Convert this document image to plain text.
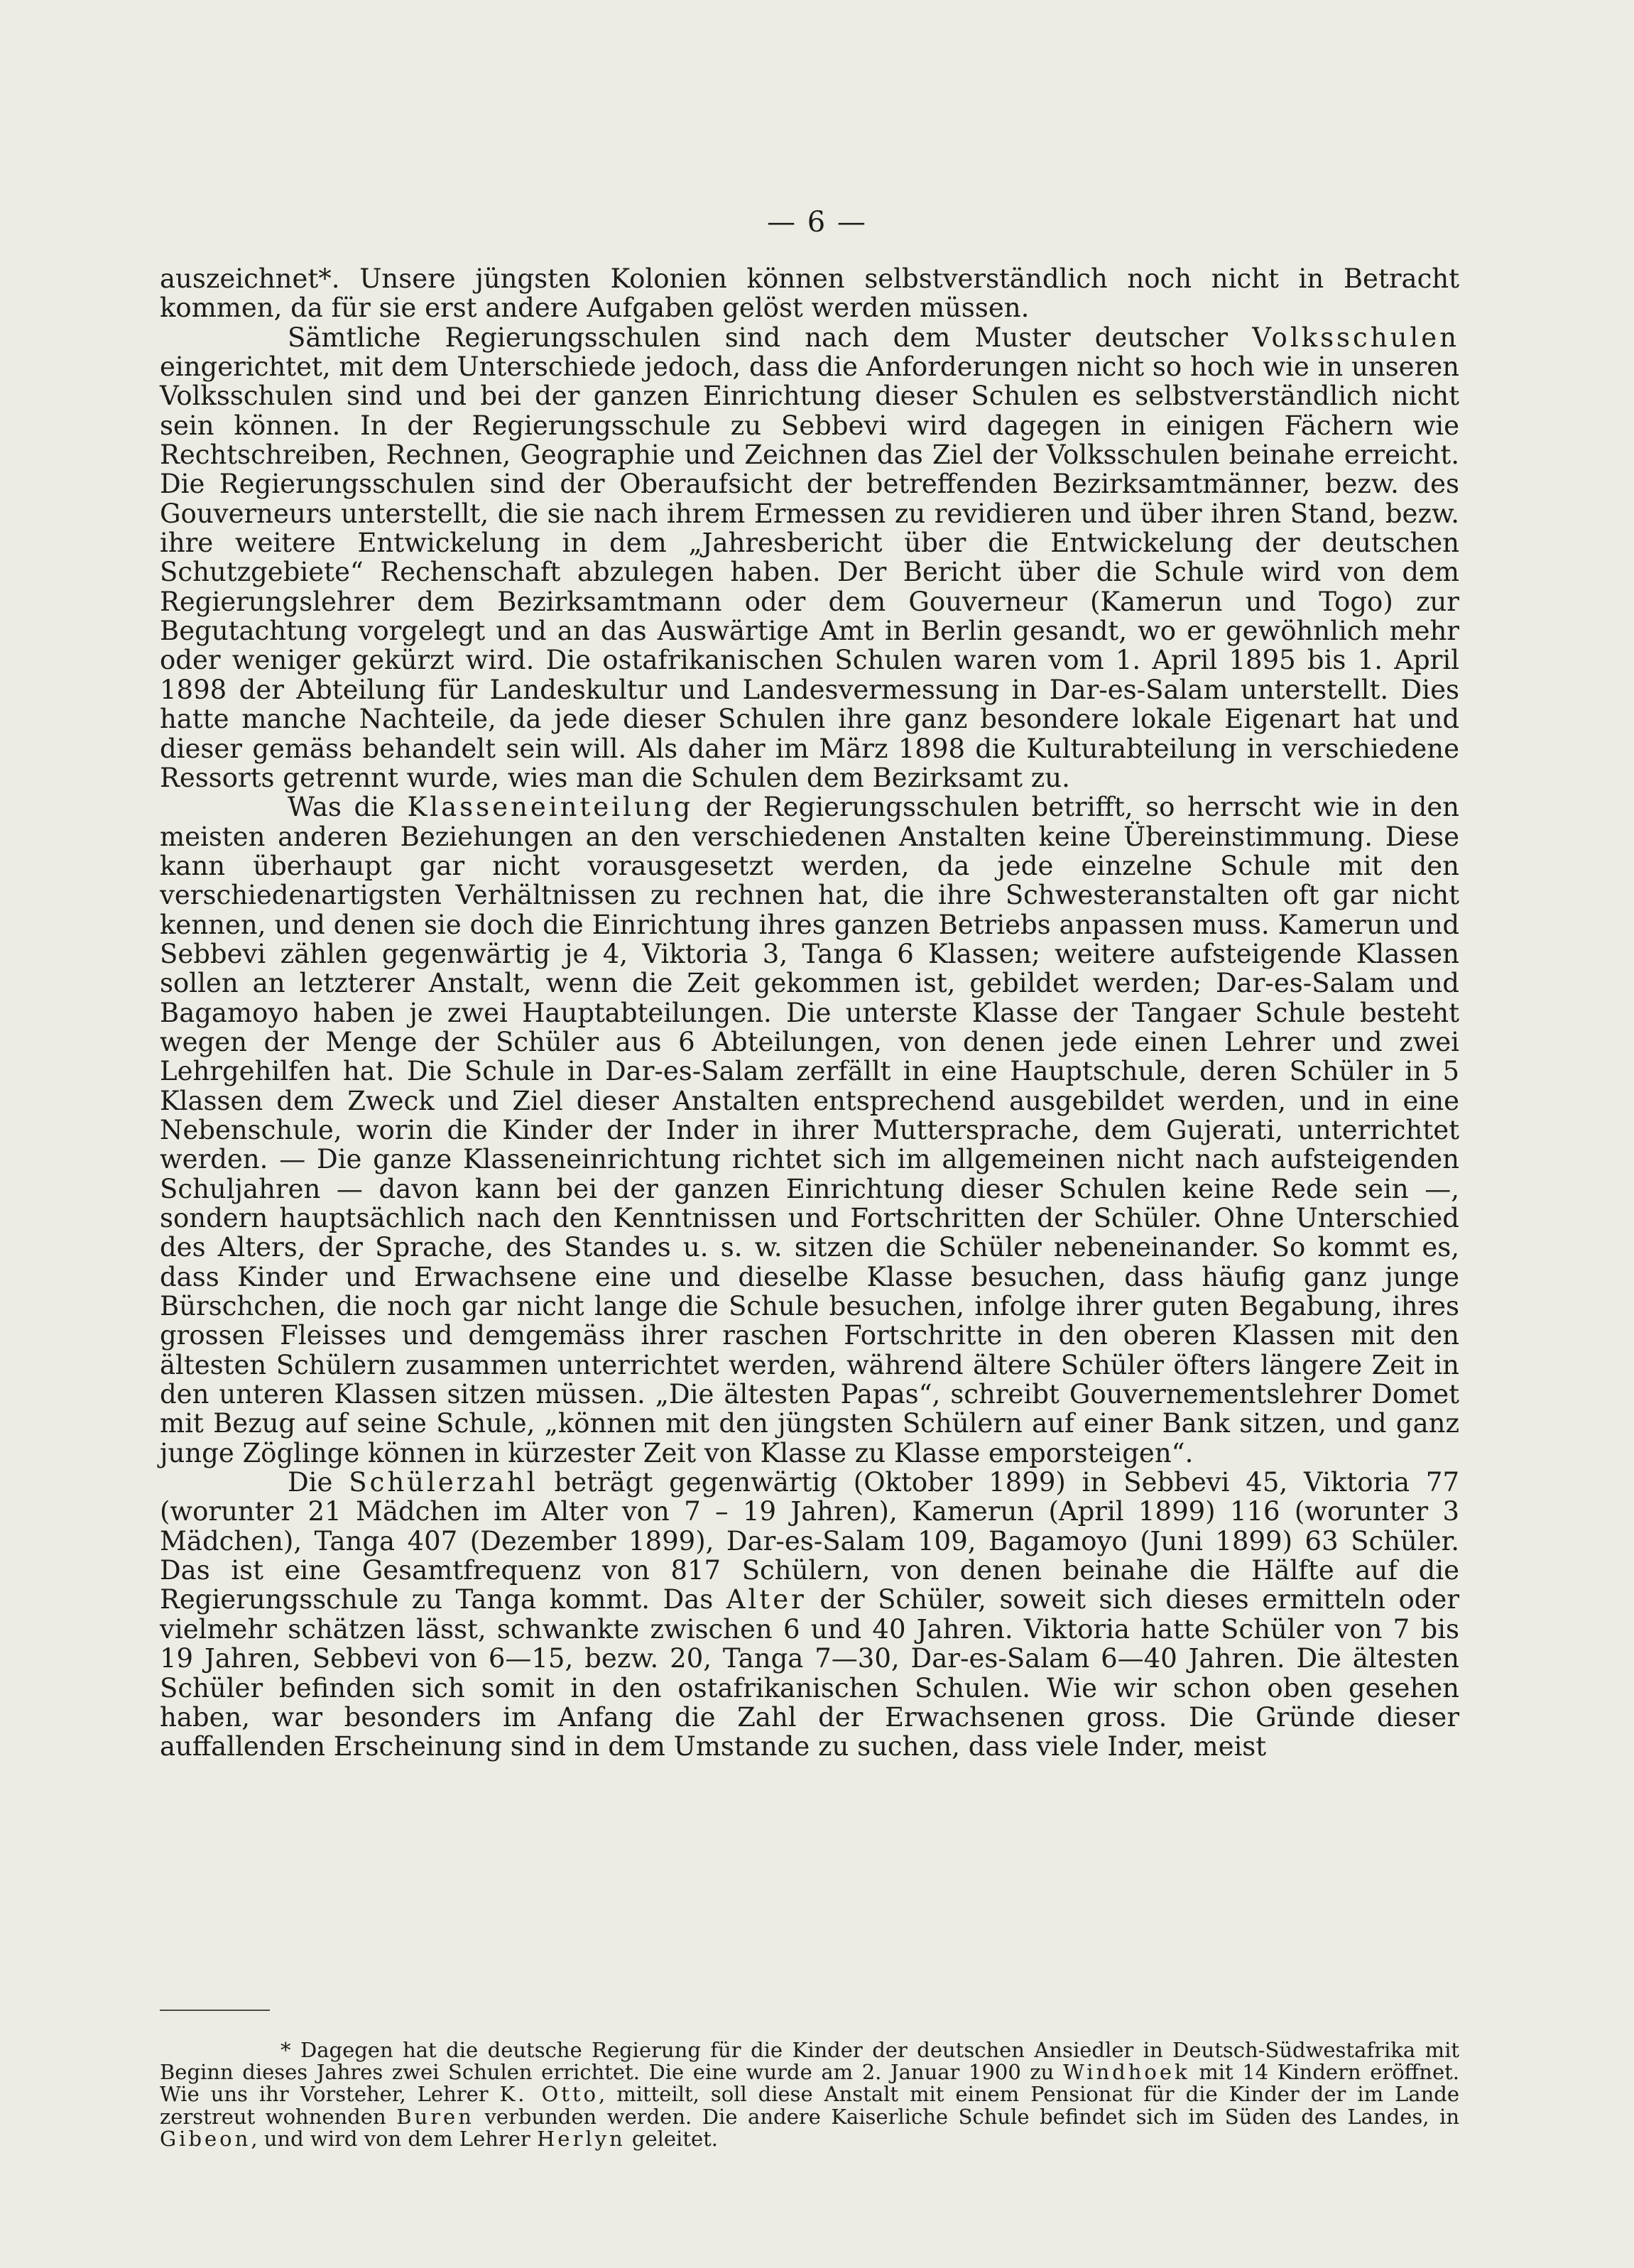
— 6 —

auszeichnet*. Unsere jüngsten Kolonien können selbstverständlich noch nicht in Betracht kommen, da für sie erst andere Aufgaben gelöst werden müssen.

Sämtliche Regierungsschulen sind nach dem Muster deutscher Volksschulen eingerichtet, mit dem Unterschiede jedoch, dass die Anforderungen nicht so hoch wie in unseren Volksschulen sind und bei der ganzen Einrichtung dieser Schulen es selbstverständlich nicht sein können. In der Regierungsschule zu Sebbevi wird dagegen in einigen Fächern wie Rechtschreiben, Rechnen, Geographie und Zeichnen das Ziel der Volksschulen beinahe erreicht. Die Regierungsschulen sind der Oberaufsicht der betreffenden Bezirksamtmänner, bezw. des Gouverneurs unterstellt, die sie nach ihrem Ermessen zu revidieren und über ihren Stand, bezw. ihre weitere Entwickelung in dem „Jahresbericht über die Entwickelung der deutschen Schutzgebiete“ Rechenschaft abzulegen haben. Der Bericht über die Schule wird von dem Regierungslehrer dem Bezirksamtmann oder dem Gouverneur (Kamerun und Togo) zur Begutachtung vorgelegt und an das Auswärtige Amt in Berlin gesandt, wo er gewöhnlich mehr oder weniger gekürzt wird. Die ostafrikanischen Schulen waren vom 1. April 1895 bis 1. April 1898 der Abteilung für Landeskultur und Landesvermessung in Dar-es-Salam unterstellt. Dies hatte manche Nachteile, da jede dieser Schulen ihre ganz besondere lokale Eigenart hat und dieser gemäss behandelt sein will. Als daher im März 1898 die Kulturabteilung in verschiedene Ressorts getrennt wurde, wies man die Schulen dem Bezirksamt zu.

Was die Klasseneinteilung der Regierungsschulen betrifft, so herrscht wie in den meisten anderen Beziehungen an den verschiedenen Anstalten keine Übereinstimmung. Diese kann überhaupt gar nicht vorausgesetzt werden, da jede einzelne Schule mit den verschiedenartigsten Verhältnissen zu rechnen hat, die ihre Schwesteranstalten oft gar nicht kennen, und denen sie doch die Einrichtung ihres ganzen Betriebs anpassen muss. Kamerun und Sebbevi zählen gegenwärtig je 4, Viktoria 3, Tanga 6 Klassen; weitere aufsteigende Klassen sollen an letzterer Anstalt, wenn die Zeit gekommen ist, gebildet werden; Dar-es-Salam und Bagamoyo haben je zwei Hauptabteilungen. Die unterste Klasse der Tangaer Schule besteht wegen der Menge der Schüler aus 6 Abteilungen, von denen jede einen Lehrer und zwei Lehrgehilfen hat. Die Schule in Dar-es-Salam zerfällt in eine Hauptschule, deren Schüler in 5 Klassen dem Zweck und Ziel dieser Anstalten entsprechend ausgebildet werden, und in eine Nebenschule, worin die Kinder der Inder in ihrer Muttersprache, dem Gujerati, unterrichtet werden. — Die ganze Klasseneinrichtung richtet sich im allgemeinen nicht nach aufsteigenden Schuljahren — davon kann bei der ganzen Einrichtung dieser Schulen keine Rede sein —, sondern hauptsächlich nach den Kenntnissen und Fortschritten der Schüler. Ohne Unterschied des Alters, der Sprache, des Standes u. s. w. sitzen die Schüler nebeneinander. So kommt es, dass Kinder und Erwachsene eine und dieselbe Klasse besuchen, dass häufig ganz junge Bürschchen, die noch gar nicht lange die Schule besuchen, infolge ihrer guten Begabung, ihres grossen Fleisses und demgemäss ihrer raschen Fortschritte in den oberen Klassen mit den ältesten Schülern zusammen unterrichtet werden, während ältere Schüler öfters längere Zeit in den unteren Klassen sitzen müssen. „Die ältesten Papas“, schreibt Gouvernementslehrer Domet mit Bezug auf seine Schule, „können mit den jüngsten Schülern auf einer Bank sitzen, und ganz junge Zöglinge können in kürzester Zeit von Klasse zu Klasse emporsteigen“.

Die Schülerzahl beträgt gegenwärtig (Oktober 1899) in Sebbevi 45, Viktoria 77 (worunter 21 Mädchen im Alter von 7 – 19 Jahren), Kamerun (April 1899) 116 (worunter 3 Mädchen), Tanga 407 (Dezember 1899), Dar-es-Salam 109, Bagamoyo (Juni 1899) 63 Schüler. Das ist eine Gesamtfrequenz von 817 Schülern, von denen beinahe die Hälfte auf die Regierungsschule zu Tanga kommt. Das Alter der Schüler, soweit sich dieses ermitteln oder vielmehr schätzen lässt, schwankte zwischen 6 und 40 Jahren. Viktoria hatte Schüler von 7 bis 19 Jahren, Sebbevi von 6—15, bezw. 20, Tanga 7—30, Dar-es-Salam 6—40 Jahren. Die ältesten Schüler befinden sich somit in den ostafrikanischen Schulen. Wie wir schon oben gesehen haben, war besonders im Anfang die Zahl der Erwachsenen gross. Die Gründe dieser auffallenden Erscheinung sind in dem Umstande zu suchen, dass viele Inder, meist

* Dagegen hat die deutsche Regierung für die Kinder der deutschen Ansiedler in Deutsch-Südwestafrika mit Beginn dieses Jahres zwei Schulen errichtet. Die eine wurde am 2. Januar 1900 zu Windhoek mit 14 Kindern eröffnet. Wie uns ihr Vorsteher, Lehrer K. Otto, mitteilt, soll diese Anstalt mit einem Pensionat für die Kinder der im Lande zerstreut wohnenden Buren verbunden werden. Die andere Kaiserliche Schule befindet sich im Süden des Landes, in Gibeon, und wird von dem Lehrer Herlyn geleitet.
